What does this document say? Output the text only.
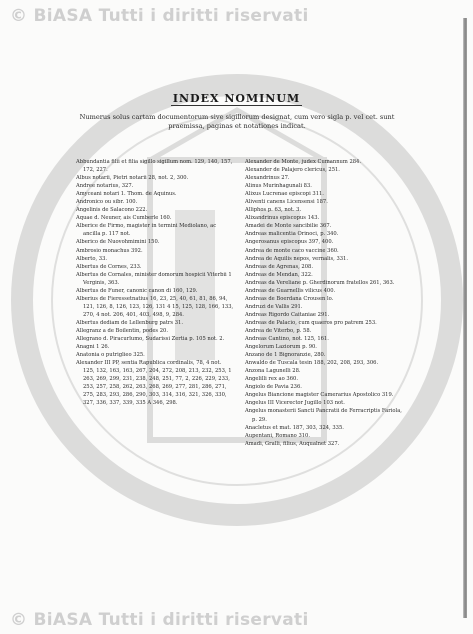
© BiASA Tutti i diritti riservati
INDEX NOMINUM
Numerus solus cartam documentorum sive sigillorum designat, cum vero sigla p. vel cet. sunt praemissa, paginas et notationes indicat.

Abbundantia filii et filia sigillo sigillum nom. 129, 140, 157, 172, 227.

Albus notarii, Pietri notarii 28, not. 2, 300.

Andree notarius, 327.

Amyceani notari 1. Thom. de Aquinus.

Andronico ou sibr. 100.

Angelinis de Salacono 222.

Aquae d. Neuner, ais Cumberle 160.

Alberice de Firmo, magister in termini Mediolano, ac ancilla p. 117 not.

Alberico de Nuovohmimini 150.

Ambrosio monachus 392.

Alberto, 33.

Albertus de Cornes, 233.

Albertus de Cornales, minister domorum hospicii Viterbii 1 Verginis, 363.

Albertus de Funer, canonic canon di 160, 129.

Alberius de Fieressetnatius 16, 23, 25, 40, 61, 81, 86, 94, 121, 126, 8, 126, 123, 126, 131 4 15, 125, 128, 166, 133, 270, 4 not. 206, 401, 403, 498, 9, 284.

Albertus dediam de Lellenburg patrs 31.

Allegranz a de Boilentin, podes 20.

Allegrano d. Piracurlumo, Sudarissi Zertia p. 105 not. 2.

Anagni 1 26.

Anatonia o putriglieo 325.

Alexander III PP, sentia Rapublica cordinalis, 78, 4 not. 125, 132, 163, 163, 267, 204, 272, 208, 213, 232, 253, 1 263, 269, 299, 231, 238, 248, 251, 77, 2, 226, 229, 233, 253, 257, 258, 262, 263, 268, 269, 277, 281, 286, 271, 275, 283, 293, 286, 290, 303, 314, 316, 321, 326, 330, 327, 336, 337, 339, 335 A 346, 298.

Alexander de Monte, judex Cumannum 284.

Alexander de Palajero clericus, 251.

Alexandrinus 27.

Alinus Murinhagunali 83.

Alixus Lucrenae episcopi 311.

Aliventi canens Licensensi 187.

Alliphos p. 63, not. 3.

Alixandrinus episcopus 143.

Amadei de Monte sancibilie 367.

Andreas malicentia Orinoci, p. 340.

Angerosanus episcopus 397, 400.

Andrea de monte caco vaccine 360.

Andrea de Aquilis nepos, vernalis, 331.

Andreas de Agrenas, 208.

Andreas de Mendan, 322.

Andreas da Vereliane p. Gherdinorum fratellos 261, 363.

Andreas de Guarnellis vilicus 400.

Andreas de Boerdana Crousen lo.

Andruzi de Vallis 291.

Andreas Rigordo Caitaniae 291.

Andreas de Palacio, cum quaeros pro patrem 253.

Andrea de Viterbo, p. 58.

Andreas Cantino, not. 125, 161.

Angelorum Laziorum p. 90.

Anzano de 1 Bignoranzie, 280.

Anwaldo de Tuscala tesin 188, 202, 208, 293, 306.

Anzona Lagunelli 28.

Angelilli rex ao 360.

Angiolo de Pavia 236.

Angelus Biancione magister Camerarius Apostolico 319.

Angelus III Vicerector Jugillo 103 not.

Angelus monasterii Sancti Pancratii de Ferracriptis Fariola, p. 29.

Anacletus et mat. 187, 303, 324, 335.

Aupentani, Romano 310.

Amadi, Gralli, filius, Auqualnet 327.

© BiASA Tutti i diritti riservati
